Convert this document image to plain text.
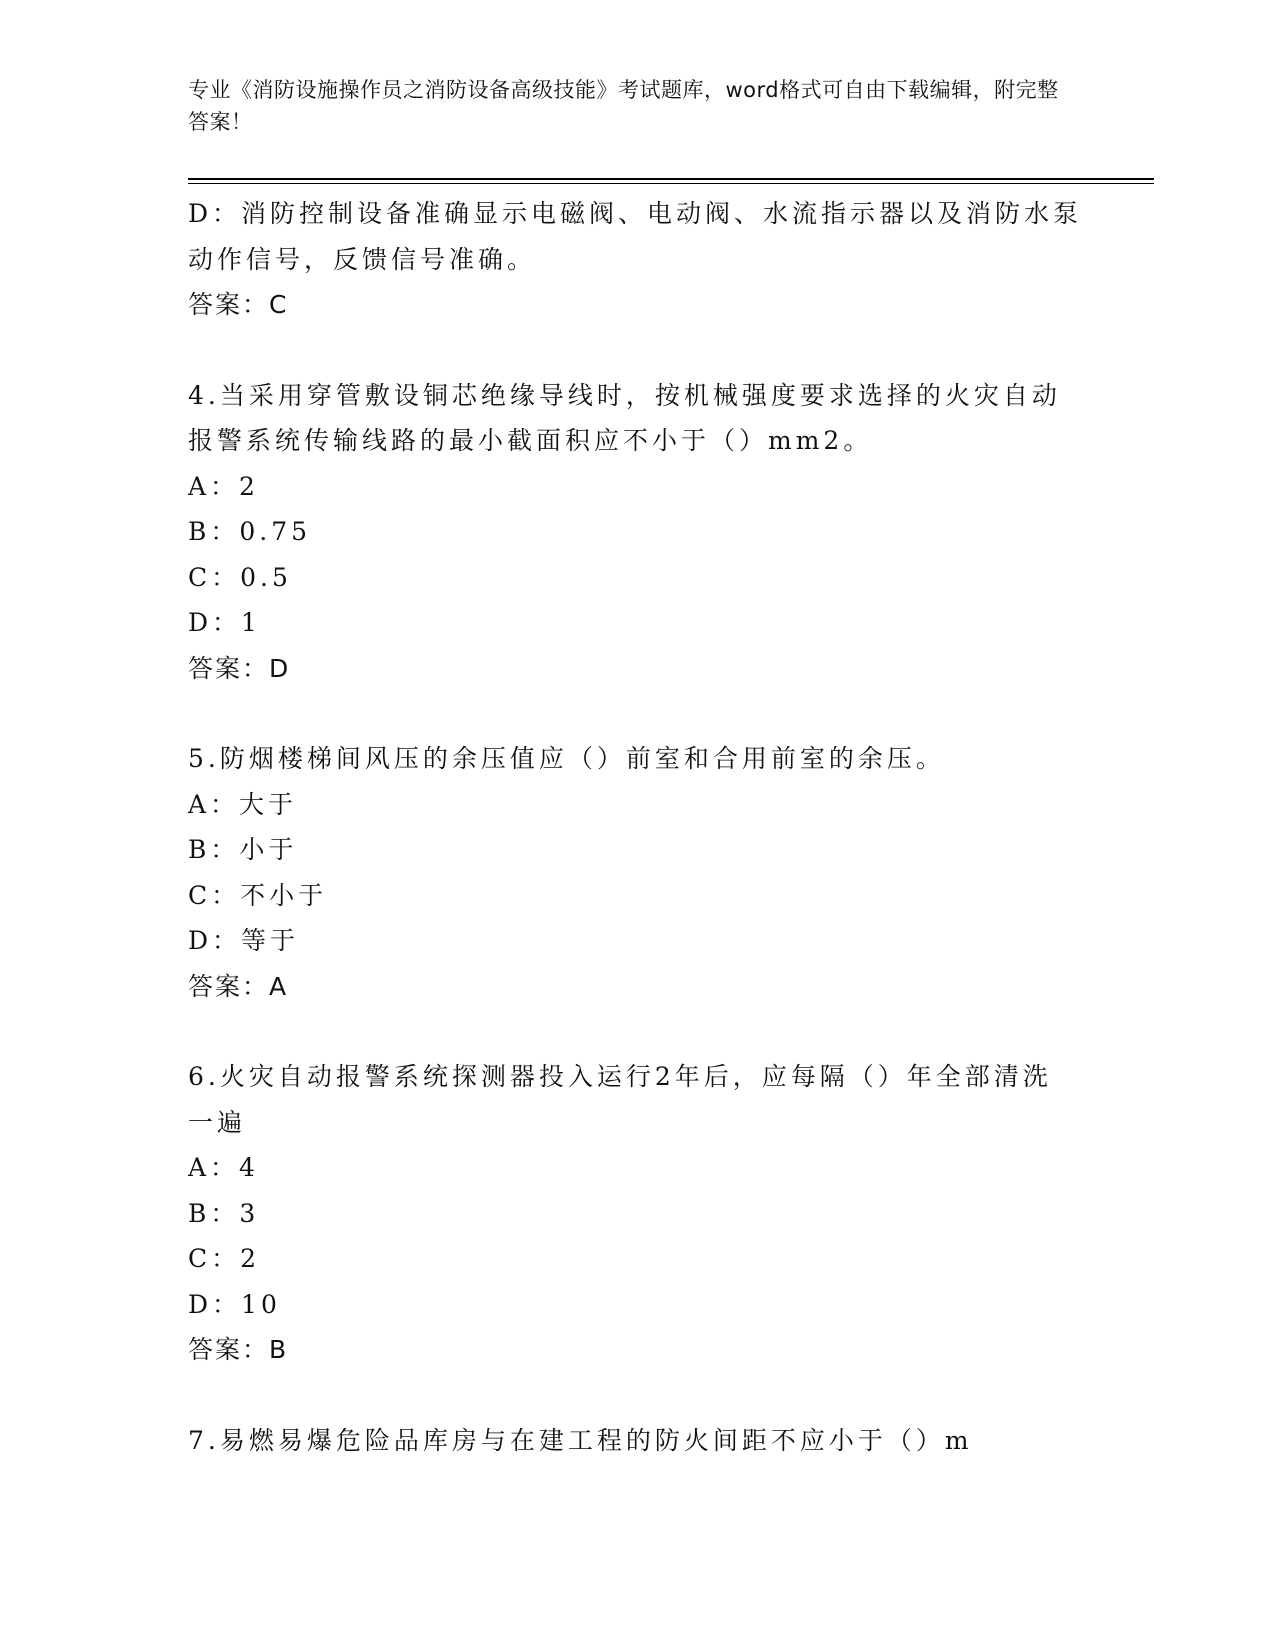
专业《消防设施操作员之消防设备高级技能》考试题库，word格式可自由下载编辑，附完整答案！
D：消防控制设备准确显示电磁阀、电动阀、水流指示器以及消防水泵
动作信号，反馈信号准确。
答案：C
4.当采用穿管敷设铜芯绝缘导线时，按机械强度要求选择的火灾自动
报警系统传输线路的最小截面积应不小于（）mm2。
A：2
B：0.75
C：0.5
D：1
答案：D
5.防烟楼梯间风压的余压值应（）前室和合用前室的余压。
A：大于
B：小于
C：不小于
D：等于
答案：A
6.火灾自动报警系统探测器投入运行2年后，应每隔（）年全部清洗
一遍
A：4
B：3
C：2
D：10
答案：B
7.易燃易爆危险品库房与在建工程的防火间距不应小于（）m
